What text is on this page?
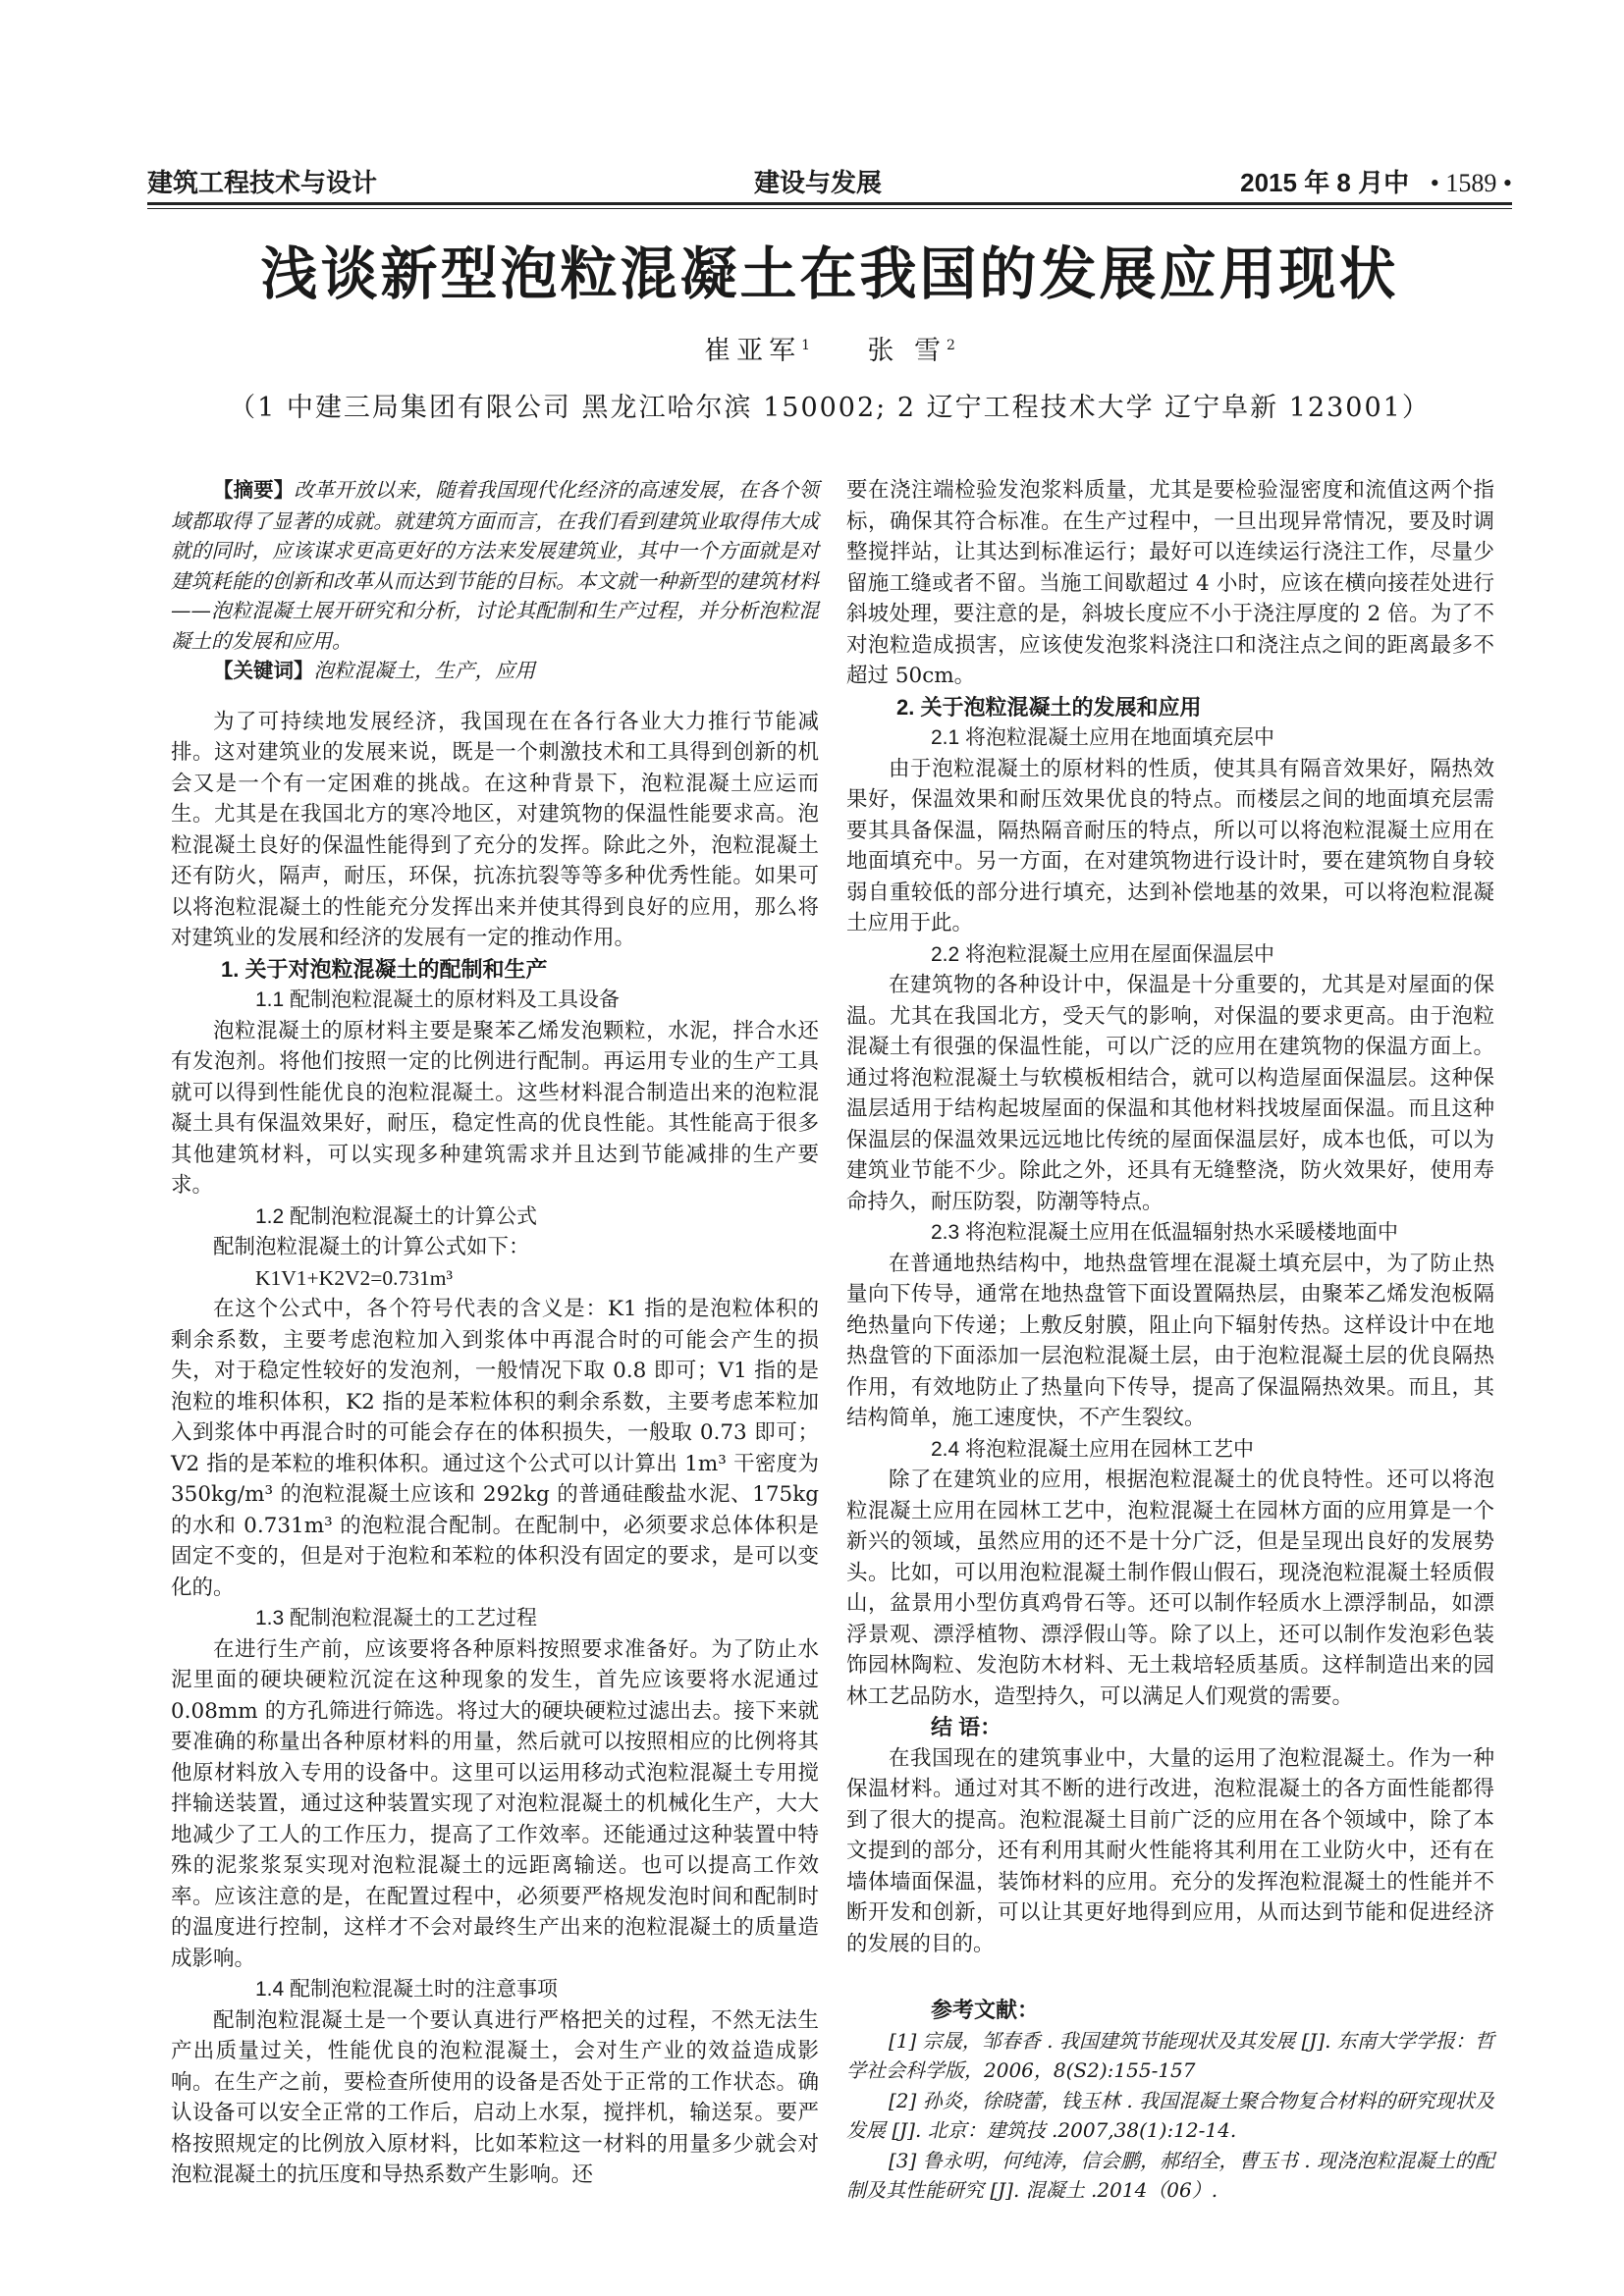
建筑工程技术与设计	建设与发展	2015 年 8 月中 • 1589 •
浅谈新型泡粒混凝土在我国的发展应用现状
崔亚军$^1$ 张 雪$^2$
（1 中建三局集团有限公司 黑龙江哈尔滨 150002; 2 辽宁工程技术大学 辽宁阜新 123001）

【摘要】改革开放以来，随着我国现代化经济的高速发展，在各个领域都取得了显著的成就。就建筑方面而言，在我们看到建筑业取得伟大成就的同时，应该谋求更高更好的方法来发展建筑业，其中一个方面就是对建筑耗能的创新和改革从而达到节能的目标。本文就一种新型的建筑材料——泡粒混凝土展开研究和分析，讨论其配制和生产过程，并分析泡粒混凝土的发展和应用。

【关键词】泡粒混凝土，生产，应用

为了可持续地发展经济，我国现在在各行各业大力推行节能减排。这对建筑业的发展来说，既是一个刺激技术和工具得到创新的机会又是一个有一定困难的挑战。在这种背景下，泡粒混凝土应运而生。尤其是在我国北方的寒冷地区，对建筑物的保温性能要求高。泡粒混凝土良好的保温性能得到了充分的发挥。除此之外，泡粒混凝土还有防火，隔声，耐压，环保，抗冻抗裂等等多种优秀性能。如果可以将泡粒混凝土的性能充分发挥出来并使其得到良好的应用，那么将对建筑业的发展和经济的发展有一定的推动作用。

1. 关于对泡粒混凝土的配制和生产

1.1 配制泡粒混凝土的原材料及工具设备

泡粒混凝土的原材料主要是聚苯乙烯发泡颗粒，水泥，拌合水还有发泡剂。将他们按照一定的比例进行配制。再运用专业的生产工具就可以得到性能优良的泡粒混凝土。这些材料混合制造出来的泡粒混凝土具有保温效果好，耐压，稳定性高的优良性能。其性能高于很多其他建筑材料，可以实现多种建筑需求并且达到节能减排的生产要求。

1.2 配制泡粒混凝土的计算公式

配制泡粒混凝土的计算公式如下：

K1V1+K2V2=0.731m³

在这个公式中，各个符号代表的含义是：K1 指的是泡粒体积的剩余系数，主要考虑泡粒加入到浆体中再混合时的可能会产生的损失，对于稳定性较好的发泡剂，一般情况下取 0.8 即可；V1 指的是泡粒的堆积体积，K2 指的是苯粒体积的剩余系数，主要考虑苯粒加入到浆体中再混合时的可能会存在的体积损失，一般取 0.73 即可；V2 指的是苯粒的堆积体积。通过这个公式可以计算出 1m³ 干密度为 350kg/m³ 的泡粒混凝土应该和 292kg 的普通硅酸盐水泥、175kg 的水和 0.731m³ 的泡粒混合配制。在配制中，必须要求总体体积是固定不变的，但是对于泡粒和苯粒的体积没有固定的要求，是可以变化的。

1.3 配制泡粒混凝土的工艺过程

在进行生产前，应该要将各种原料按照要求准备好。为了防止水泥里面的硬块硬粒沉淀在这种现象的发生，首先应该要将水泥通过 0.08mm 的方孔筛进行筛选。将过大的硬块硬粒过滤出去。接下来就要准确的称量出各种原材料的用量，然后就可以按照相应的比例将其他原材料放入专用的设备中。这里可以运用移动式泡粒混凝土专用搅拌输送装置，通过这种装置实现了对泡粒混凝土的机械化生产，大大地减少了工人的工作压力，提高了工作效率。还能通过这种装置中特殊的泥浆浆泵实现对泡粒混凝土的远距离输送。也可以提高工作效率。应该注意的是，在配置过程中，必须要严格规发泡时间和配制时的温度进行控制，这样才不会对最终生产出来的泡粒混凝土的质量造成影响。

1.4 配制泡粒混凝土时的注意事项

配制泡粒混凝土是一个要认真进行严格把关的过程，不然无法生产出质量过关，性能优良的泡粒混凝土，会对生产业的效益造成影响。在生产之前，要检查所使用的设备是否处于正常的工作状态。确认设备可以安全正常的工作后，启动上水泵，搅拌机，输送泵。要严格按照规定的比例放入原材料，比如苯粒这一材料的用量多少就会对泡粒混凝土的抗压度和导热系数产生影响。还

要在浇注端检验发泡浆料质量，尤其是要检验湿密度和流值这两个指标，确保其符合标准。在生产过程中，一旦出现异常情况，要及时调整搅拌站，让其达到标准运行；最好可以连续运行浇注工作，尽量少留施工缝或者不留。当施工间歇超过 4 小时，应该在横向接茬处进行斜坡处理，要注意的是，斜坡长度应不小于浇注厚度的 2 倍。为了不对泡粒造成损害，应该使发泡浆料浇注口和浇注点之间的距离最多不超过 50cm。

2. 关于泡粒混凝土的发展和应用

2.1 将泡粒混凝土应用在地面填充层中

由于泡粒混凝土的原材料的性质，使其具有隔音效果好，隔热效果好，保温效果和耐压效果优良的特点。而楼层之间的地面填充层需要其具备保温，隔热隔音耐压的特点，所以可以将泡粒混凝土应用在地面填充中。另一方面，在对建筑物进行设计时，要在建筑物自身较弱自重较低的部分进行填充，达到补偿地基的效果，可以将泡粒混凝土应用于此。

2.2 将泡粒混凝土应用在屋面保温层中

在建筑物的各种设计中，保温是十分重要的，尤其是对屋面的保温。尤其在我国北方，受天气的影响，对保温的要求更高。由于泡粒混凝土有很强的保温性能，可以广泛的应用在建筑物的保温方面上。通过将泡粒混凝土与软模板相结合，就可以构造屋面保温层。这种保温层适用于结构起坡屋面的保温和其他材料找坡屋面保温。而且这种保温层的保温效果远远地比传统的屋面保温层好，成本也低，可以为建筑业节能不少。除此之外，还具有无缝整浇，防火效果好，使用寿命持久，耐压防裂，防潮等特点。

2.3 将泡粒混凝土应用在低温辐射热水采暖楼地面中

在普通地热结构中，地热盘管埋在混凝土填充层中，为了防止热量向下传导，通常在地热盘管下面设置隔热层，由聚苯乙烯发泡板隔绝热量向下传递；上敷反射膜，阻止向下辐射传热。这样设计中在地热盘管的下面添加一层泡粒混凝土层，由于泡粒混凝土层的优良隔热作用，有效地防止了热量向下传导，提高了保温隔热效果。而且，其结构简单，施工速度快，不产生裂纹。

2.4 将泡粒混凝土应用在园林工艺中

除了在建筑业的应用，根据泡粒混凝土的优良特性。还可以将泡粒混凝土应用在园林工艺中，泡粒混凝土在园林方面的应用算是一个新兴的领域，虽然应用的还不是十分广泛，但是呈现出良好的发展势头。比如，可以用泡粒混凝土制作假山假石，现浇泡粒混凝土轻质假山，盆景用小型仿真鸡骨石等。还可以制作轻质水上漂浮制品，如漂浮景观、漂浮植物、漂浮假山等。除了以上，还可以制作发泡彩色装饰园林陶粒、发泡防木材料、无土栽培轻质基质。这样制造出来的园林工艺品防水，造型持久，可以满足人们观赏的需要。

结 语：

在我国现在的建筑事业中，大量的运用了泡粒混凝土。作为一种保温材料。通过对其不断的进行改进，泡粒混凝土的各方面性能都得到了很大的提高。泡粒混凝土目前广泛的应用在各个领域中，除了本文提到的部分，还有利用其耐火性能将其利用在工业防火中，还有在墙体墙面保温，装饰材料的应用。充分的发挥泡粒混凝土的性能并不断开发和创新，可以让其更好地得到应用，从而达到节能和促进经济的发展的目的。

参考文献：

[1] 宗晟，邹春香 . 我国建筑节能现状及其发展 [J]. 东南大学学报：哲学社会科学版，2006，8(S2):155-157

[2] 孙炎，徐晓蕾，钱玉林 . 我国混凝土聚合物复合材料的研究现状及发展 [J]. 北京：建筑技 .2007,38(1):12-14.

[3] 鲁永明，何纯涛，信会鹏，郝绍全，曹玉书 . 现浇泡粒混凝土的配制及其性能研究 [J]. 混凝土 .2014（06）.
